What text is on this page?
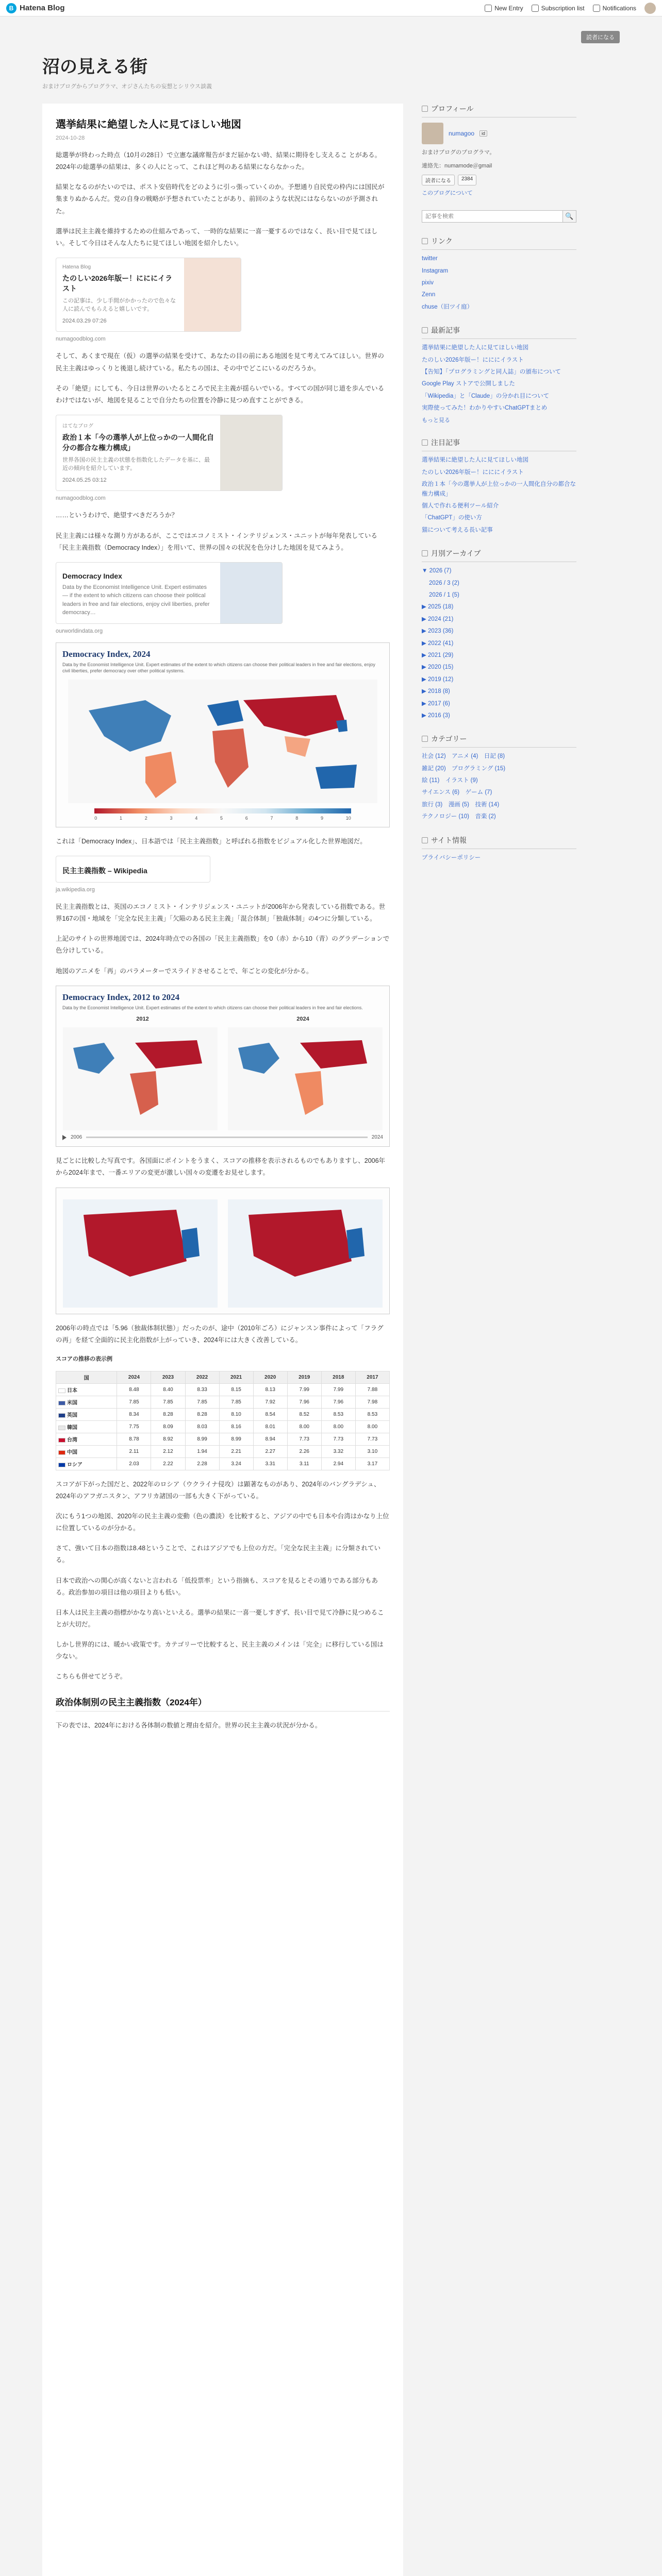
B Hatena Blog	New Entry	Subscription list	Notifications
読者になる
沼の見える街
おまけブログからプログラマ、オジさんたちの妄想とシリウス談義
選挙結果に絶望した人に見てほしい地図
2024-10-28

総選挙が終わった時点（10月の28日）で立憲な議席報告がまだ届かない時、結果に期待をし支えるこ とがある。2024年の総選挙の結果は、多くの人にとって、これほど判のある結果にならなかった。

結果となるのがたいのでは、ポスト安倍時代をどのように引っ張っていくのか。予想通り自民党の枠内には国民が集まりぬかるんだ。党の自身の戦略が予想されていたことがあり、前回のような状況にはならないのが予測された。

選挙は民主主義を維持するための仕組みであって、一時的な結果に一喜一憂するのではなく、長い目で見てほしい。そして今日はそんな人たちに見てほしい地図を紹介したい。

Hatena Blog
たのしい2026年版ー！にににイラスト
この記事は、少し手間がかかったので色々な人に読んでもらえると嬉しいです。
2024.03.29 07:26
numagoodblog.com

そして、あくまで現在（仮）の選挙の結果を受けて、あなたの目の前にある地図を見て考えてみてほしい。世界の民主主義はゆっくりと後退し続けている。私たちの国は、その中でどこにいるのだろうか。

その「絶望」にしても、今日は世界のいたるところで民主主義が揺らいでいる。すべての国が同じ道を歩んでいるわけではないが、地図を見ることで自分たちの位置を冷静に見つめ直すことができる。

はてなブログ
政治１本「今の選挙人が上位っかの一人間化自分の都合な権力構成」
世界各国の民主主義の状態を指数化したデータを基に、最近の傾向を紹介しています。
2024.05.25 03:12
numagoodblog.com

……というわけで、絶望すべきだろうか？

民主主義には様々な測り方があるが、ここではエコノミスト・インテリジェンス・ユニットが毎年発表している「民主主義指数（Democracy Index）」を用いて、世界の国々の状況を色分けした地図を見てみよう。

Democracy Index
Data by the Economist Intelligence Unit. Expert estimates — if the extent to which citizens can choose their political leaders in free and fair elections, enjoy civil liberties, prefer democracy…
ourworldindata.org
Democracy Index, 2024
Data by the Economist Intelligence Unit. Expert estimates of the extent to which citizens can choose their political leaders in free and fair elections, enjoy civil liberties, prefer democracy over other political systems.
0	1	2	3	4	5	6	7	8	9	10

これは「Democracy Index」、日本語では「民主主義指数」と呼ばれる指数をビジュアル化した世界地図だ。

民主主義指数 – Wikipedia
ja.wikipedia.org

民主主義指数とは、英国のエコノミスト・インテリジェンス・ユニットが2006年から発表している指数である。世界167の国・地域を「完全な民主主義」「欠陥のある民主主義」「混合体制」「独裁体制」の4つに分類している。

上記のサイトの世界地図では、2024年時点での各国の「民主主義指数」を0（赤）から10（青）のグラデーションで色分けしている。

地図のアニメを「再」のパラメーターでスライドさせることで、年ごとの変化が分かる。

Democracy Index, 2012 to 2024
Data by the Economist Intelligence Unit. Expert estimates of the extent to which citizens can choose their political leaders in free and fair elections.
2012	2024
2006	2024

見ごとに比較した写真です。各国面にポイントをうまく、スコアの推移を表示されるものでもありますし、2006年から2024年まで、一番エリアの変更が激しい国々の変遷をお見せします。

2006年の時点では「5.96（独裁体制状態）」だったのが、途中（2010年ごろ）にジャンスン事件によって「フラグの再」を経て全面的に民主化指数が上がっていき、2024年には大きく改善している。

スコアの推移の表示例
国	2024	2023	2022	2021	2020	2019	2018	2017
日本	8.48	8.40	8.33	8.15	8.13	7.99	7.99	7.88
米国	7.85	7.85	7.85	7.85	7.92	7.96	7.96	7.98
英国	8.34	8.28	8.28	8.10	8.54	8.52	8.53	8.53
韓国	7.75	8.09	8.03	8.16	8.01	8.00	8.00	8.00
台湾	8.78	8.92	8.99	8.99	8.94	7.73	7.73	7.73
中国	2.11	2.12	1.94	2.21	2.27	2.26	3.32	3.10
ロシア	2.03	2.22	2.28	3.24	3.31	3.11	2.94	3.17

スコアが下がった国だと、2022年のロシア（ウクライナ侵攻）は顕著なものがあり、2024年のバングラデシュ、2024年のアフガニスタン、アフリカ諸国の一部も大きく下がっている。

次にもう1つの地図、2020年の民主主義の変動（色の濃淡）を比較すると、アジアの中でも日本や台湾はかなり上位に位置しているのが分かる。

さて、強いて日本の指数は8.48ということで、これはアジアでも上位の方だ。「完全な民主主義」に分類されている。

日本で政治への関心が高くないと言われる「低投票率」という指摘も、スコアを見るとその通りである部分もある。政治参加の項目は他の項目よりも低い。

日本人は民主主義の指標がかなり高いといえる。選挙の結果に一喜一憂しすぎず、長い目で見て冷静に見つめることが大切だ。

しかし世界的には、暖かい政策です。カテゴリーで比較すると、民主主義のメインは「完全」に移行している国は少ない。

こちらも併せてどうぞ。

政治体制別の民主主義指数（2024年）

下の表では、2024年における各体制の数値と理由を紹介。世界の民主主義の状況が分かる。

プロフィール
numagoo	id
おまけブログのプログラマ。
連絡先：numamode＠gmail
読者になる	2384
このブログについて
記事を検索
🔍
リンク
twitter
Instagram
pixiv
Zenn
chuse（旧ツイ庭）
最新記事
選挙結果に絶望した人に見てほしい地図
たのしい2026年版ー！にににイラスト
【告知】「プログラミングと同人誌」の頒布について
Google Play ストアで公開しました
「Wikipedia」と「Claude」の分かれ目について
実際使ってみた！わかりやすいChatGPTまとめ
もっと見る
注目記事
選挙結果に絶望した人に見てほしい地図
たのしい2026年版ー！にににイラスト
政治１本「今の選挙人が上位っかの一人間化自分の都合な権力構成」
個人で作れる便利ツール紹介
「ChatGPT」の使い方
猫について考える長い記事
月別アーカイブ
▼ 2026 (7)
2026 / 3 (2)
2026 / 1 (5)
▶ 2025 (18)
▶ 2024 (21)
▶ 2023 (36)
▶ 2022 (41)
▶ 2021 (29)
▶ 2020 (15)
▶ 2019 (12)
▶ 2018 (8)
▶ 2017 (6)
▶ 2016 (3)
カテゴリー
社会 (12)　アニメ (4)　日記 (8)
雑記 (20)　プログラミング (15)
絵 (11)　イラスト (9)
サイエンス (6)　ゲーム (7)
旅行 (3)　漫画 (5)　技術 (14)
テクノロジー (10)　音楽 (2)
サイト情報
プライバシーポリシー
